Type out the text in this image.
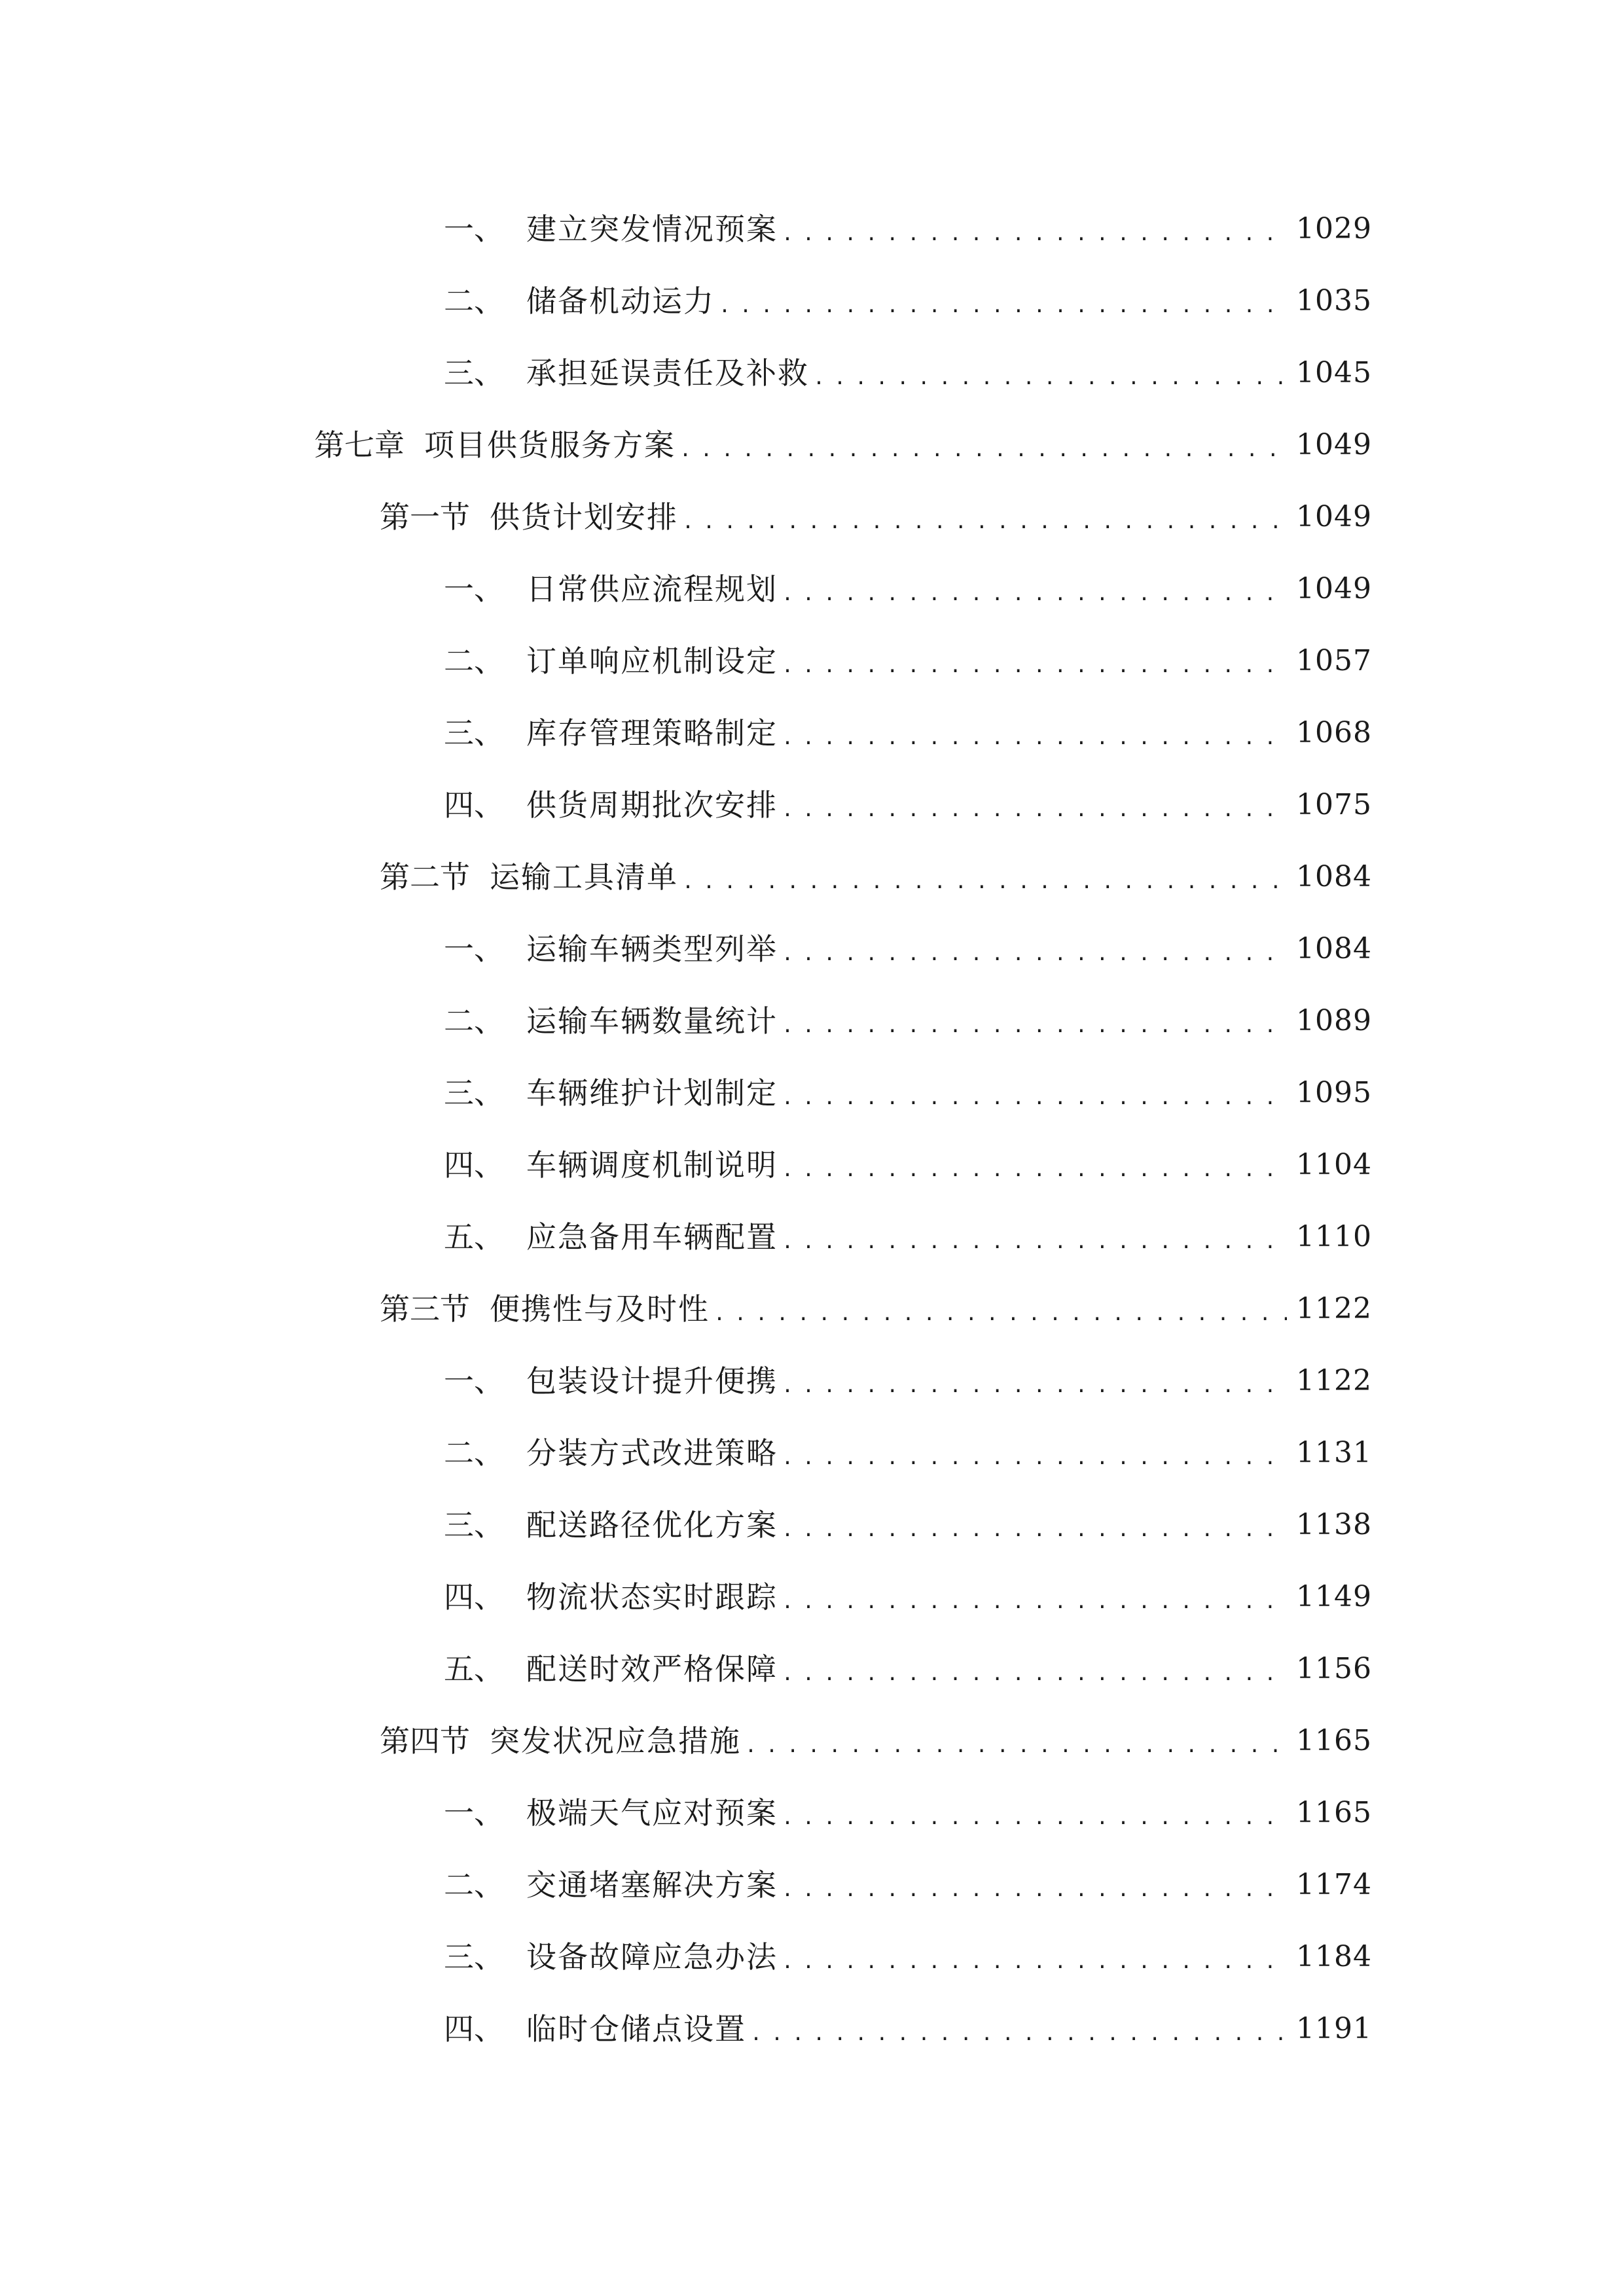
一、 建立突发情况预案 .....	1029
二、 储备机动运力 .....	1035
三、 承担延误责任及补救 .....	1045
第七章 项目供货服务方案 .....	1049
第一节 供货计划安排 .....	1049
一、 日常供应流程规划 .....	1049
二、 订单响应机制设定 .....	1057
三、 库存管理策略制定 .....	1068
四、 供货周期批次安排 .....	1075
第二节 运输工具清单 .....	1084
一、 运输车辆类型列举 .....	1084
二、 运输车辆数量统计 .....	1089
三、 车辆维护计划制定 .....	1095
四、 车辆调度机制说明 .....	1104
五、 应急备用车辆配置 .....	1110
第三节 便携性与及时性 .....	1122
一、 包装设计提升便携 .....	1122
二、 分装方式改进策略 .....	1131
三、 配送路径优化方案 .....	1138
四、 物流状态实时跟踪 .....	1149
五、 配送时效严格保障 .....	1156
第四节 突发状况应急措施 .....	1165
一、 极端天气应对预案 .....	1165
二、 交通堵塞解决方案 .....	1174
三、 设备故障应急办法 .....	1184
四、 临时仓储点设置 .....	1191
